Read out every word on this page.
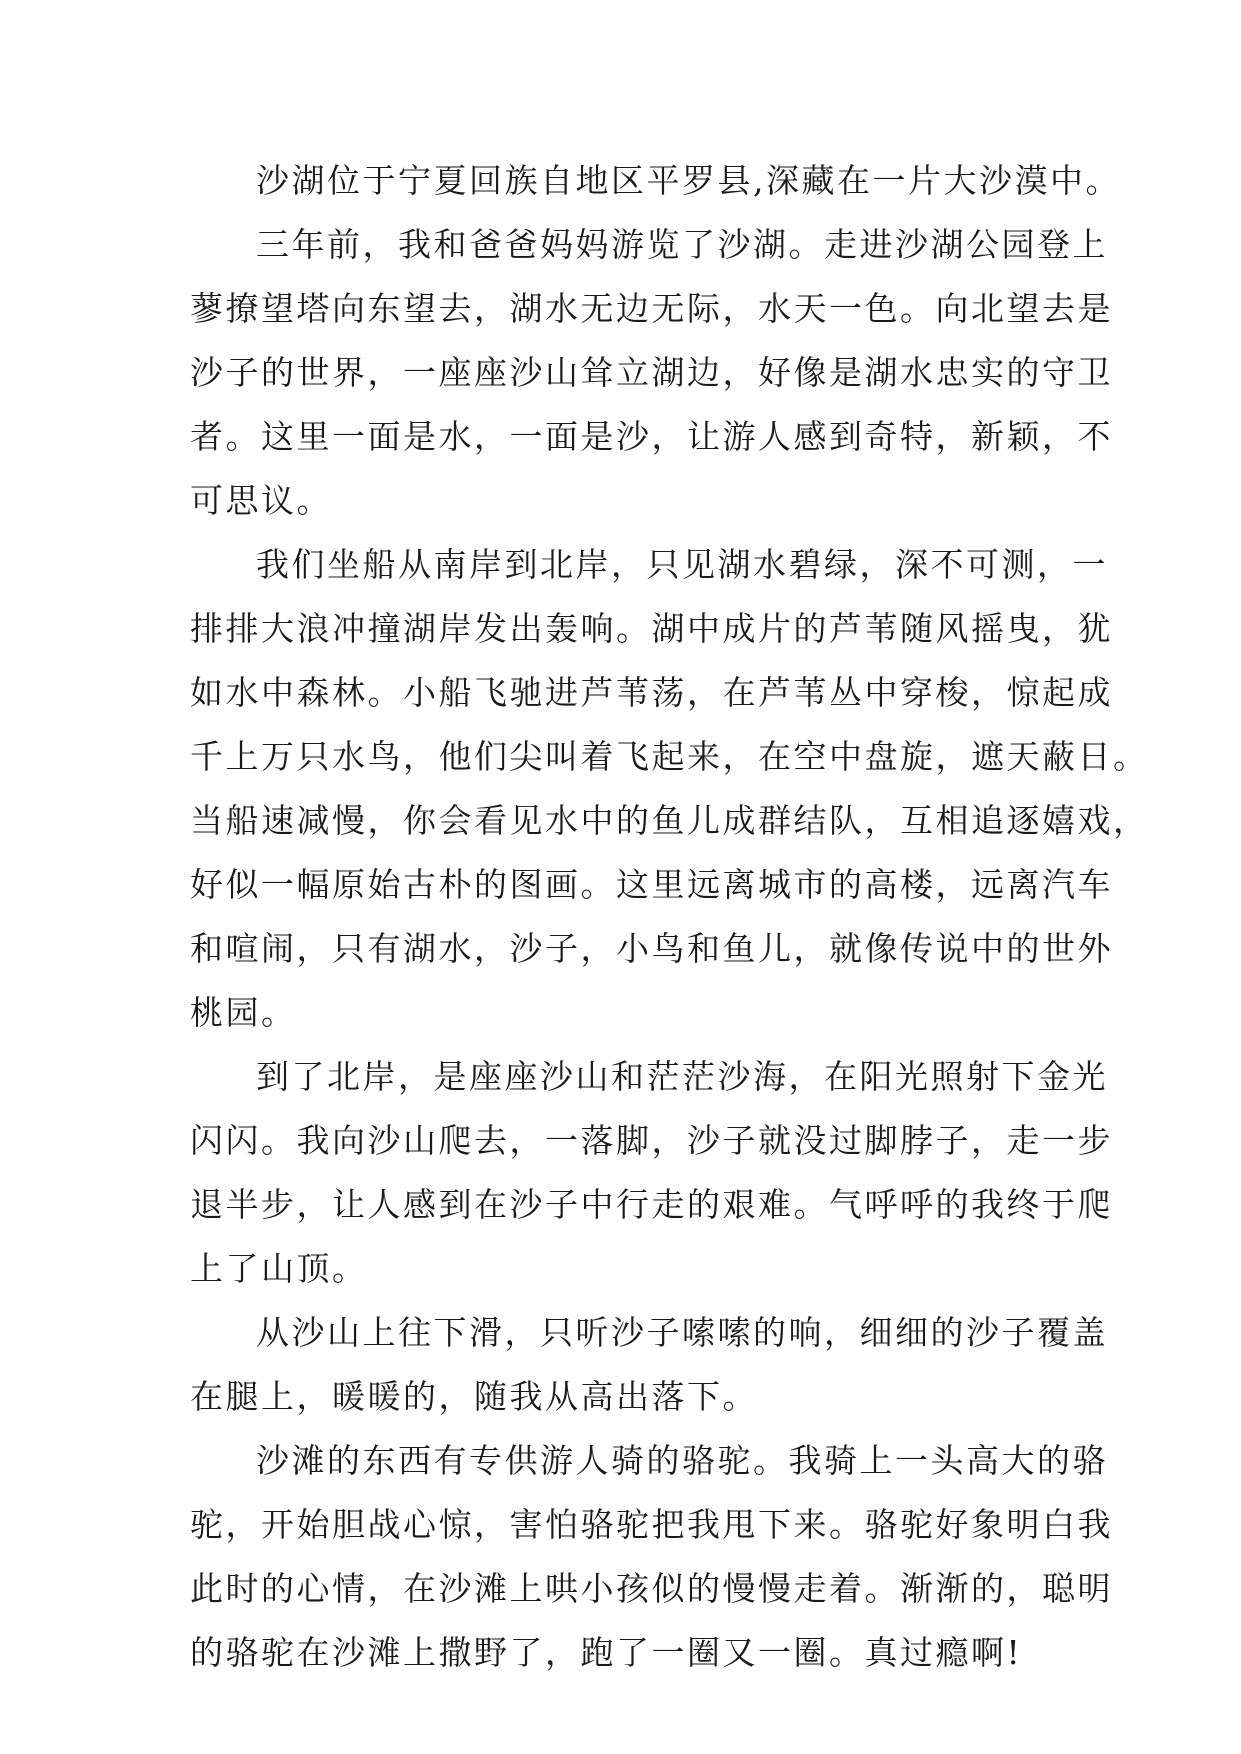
沙湖位于宁夏回族自地区平罗县,深藏在一片大沙漠中。
三年前，我和爸爸妈妈游览了沙湖。走进沙湖公园登上
蓼撩望塔向东望去，湖水无边无际，水天一色。向北望去是
沙子的世界，一座座沙山耸立湖边，好像是湖水忠实的守卫
者。这里一面是水，一面是沙，让游人感到奇特，新颖，不
可思议。
我们坐船从南岸到北岸，只见湖水碧绿，深不可测，一
排排大浪冲撞湖岸发出轰响。湖中成片的芦苇随风摇曳，犹
如水中森林。小船飞驰进芦苇荡，在芦苇丛中穿梭，惊起成
千上万只水鸟，他们尖叫着飞起来，在空中盘旋，遮天蔽日。
当船速减慢，你会看见水中的鱼儿成群结队，互相追逐嬉戏，
好似一幅原始古朴的图画。这里远离城市的高楼，远离汽车
和喧闹，只有湖水，沙子，小鸟和鱼儿，就像传说中的世外
桃园。
到了北岸，是座座沙山和茫茫沙海，在阳光照射下金光
闪闪。我向沙山爬去，一落脚，沙子就没过脚脖子，走一步
退半步，让人感到在沙子中行走的艰难。气呼呼的我终于爬
上了山顶。
从沙山上往下滑，只听沙子嗦嗦的响，细细的沙子覆盖
在腿上，暖暖的，随我从高出落下。
沙滩的东西有专供游人骑的骆驼。我骑上一头高大的骆
驼，开始胆战心惊，害怕骆驼把我甩下来。骆驼好象明白我
此时的心情，在沙滩上哄小孩似的慢慢走着。渐渐的，聪明
的骆驼在沙滩上撒野了，跑了一圈又一圈。真过瘾啊!
